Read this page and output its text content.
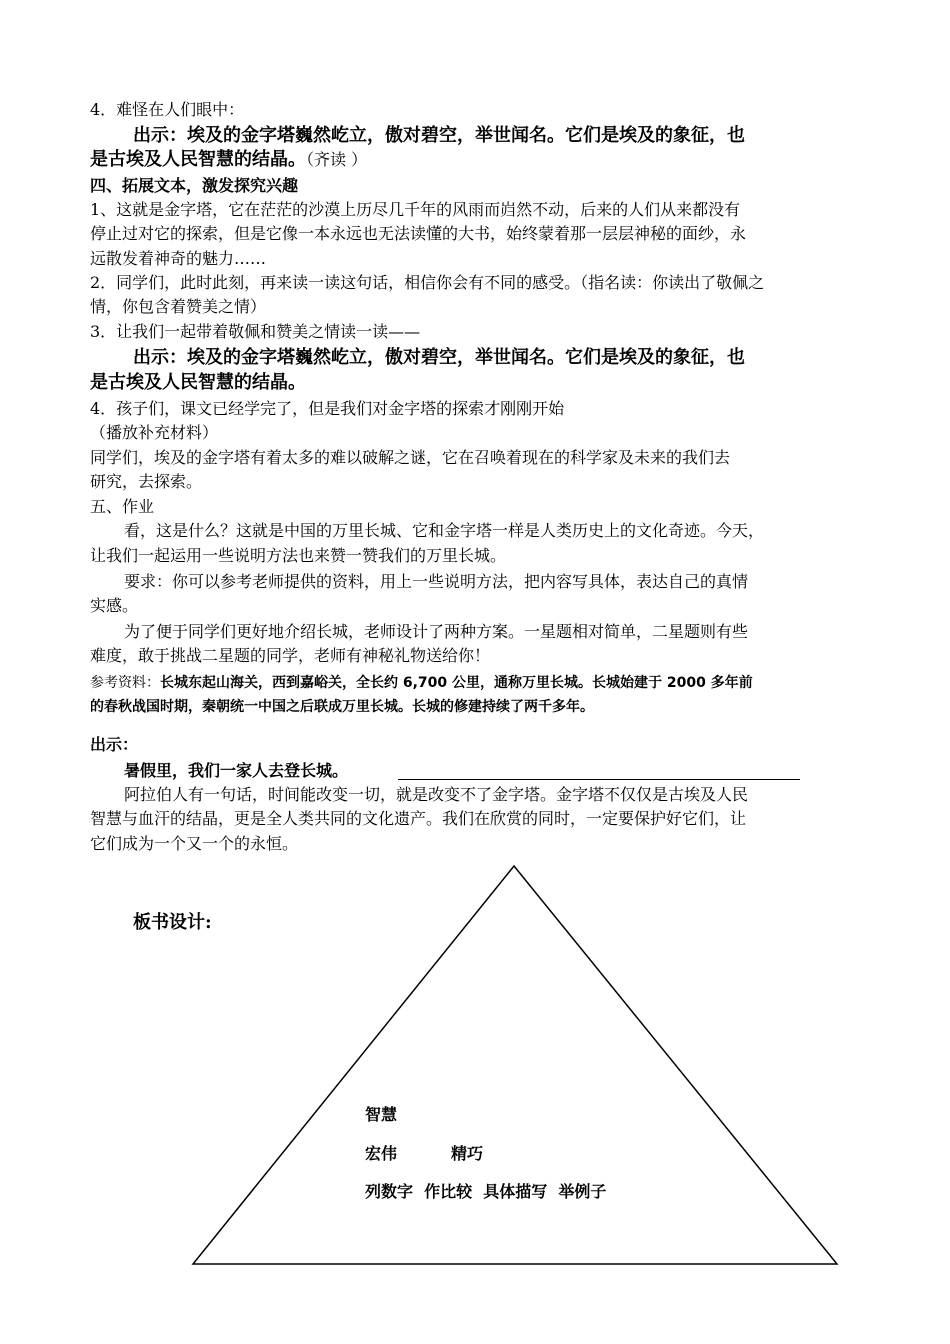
4．难怪在人们眼中：
出示：埃及的金字塔巍然屹立，傲对碧空，举世闻名。它们是埃及的象征，也
是古埃及人民智慧的结晶。（齐读 ）
四、拓展文本，激发探究兴趣
1、这就是金字塔，它在茫茫的沙漠上历尽几千年的风雨而岿然不动，后来的人们从来都没有
停止过对它的探索，但是它像一本永远也无法读懂的大书，始终蒙着那一层层神秘的面纱，永
远散发着神奇的魅力……
2．同学们，此时此刻，再来读一读这句话，相信你会有不同的感受。（指名读：你读出了敬佩之
情，你包含着赞美之情）
3．让我们一起带着敬佩和赞美之情读一读——
出示：埃及的金字塔巍然屹立，傲对碧空，举世闻名。它们是埃及的象征，也
是古埃及人民智慧的结晶。
4．孩子们，课文已经学完了，但是我们对金字塔的探索才刚刚开始
（播放补充材料）
同学们，埃及的金字塔有着太多的难以破解之谜，它在召唤着现在的科学家及未来的我们去
研究，去探索。
五、作业
看，这是什么？这就是中国的万里长城、它和金字塔一样是人类历史上的文化奇迹。今天，
让我们一起运用一些说明方法也来赞一赞我们的万里长城。
要求：你可以参考老师提供的资料，用上一些说明方法，把内容写具体，表达自己的真情
实感。
为了便于同学们更好地介绍长城，老师设计了两种方案。一星题相对简单，二星题则有些
难度，敢于挑战二星题的同学，老师有神秘礼物送给你！
参考资料：长城东起山海关，西到嘉峪关，全长约 6,700 公里，通称万里长城。长城始建于 2000 多年前
的春秋战国时期，秦朝统一中国之后联成万里长城。长城的修建持续了两千多年。
出示：
暑假里，我们一家人去登长城。
阿拉伯人有一句话，时间能改变一切，就是改变不了金字塔。金字塔不仅仅是古埃及人民
智慧与血汗的结晶，更是全人类共同的文化遗产。我们在欣赏的同时，一定要保护好它们，让
它们成为一个又一个的永恒。
板书设计:
智慧
宏伟	精巧
列数字  作比较  具体描写  举例子
